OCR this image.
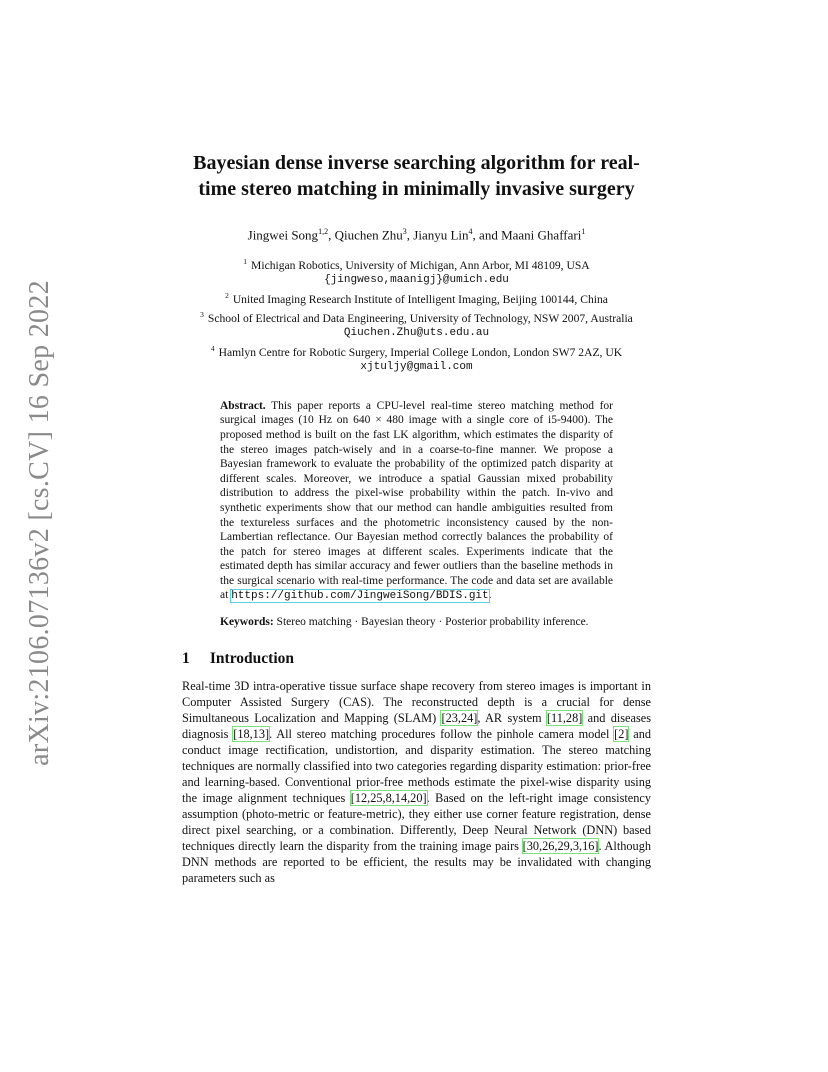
arXiv:2106.07136v2 [cs.CV] 16 Sep 2022
Bayesian dense inverse searching algorithm for real-time stereo matching in minimally invasive surgery
Jingwei Song$^{1,2}$, Qiuchen Zhu$^3$, Jianyu Lin$^4$, and Maani Ghaffari$^1$
$^1$ Michigan Robotics, University of Michigan, Ann Arbor, MI 48109, USA
{jingweso,maanigj}@umich.edu
$^2$ United Imaging Research Institute of Intelligent Imaging, Beijing 100144, China
$^3$ School of Electrical and Data Engineering, University of Technology, NSW 2007, Australia
Qiuchen.Zhu@uts.edu.au
$^4$ Hamlyn Centre for Robotic Surgery, Imperial College London, London SW7 2AZ, UK
xjtuljy@gmail.com
Abstract. This paper reports a CPU-level real-time stereo matching method for surgical images (10 Hz on 640 × 480 image with a single core of i5-9400). The proposed method is built on the fast LK algorithm, which estimates the disparity of the stereo images patch-wisely and in a coarse-to-fine manner. We propose a Bayesian framework to evaluate the probability of the optimized patch disparity at different scales. Moreover, we introduce a spatial Gaussian mixed probability distribution to address the pixel-wise probability within the patch. In-vivo and synthetic experiments show that our method can handle ambiguities resulted from the textureless surfaces and the photometric inconsistency caused by the non-Lambertian reflectance. Our Bayesian method correctly balances the probability of the patch for stereo images at different scales. Experiments indicate that the estimated depth has similar accuracy and fewer outliers than the baseline methods in the surgical scenario with real-time performance. The code and data set are available at https://github.com/JingweiSong/BDIS.git.
Keywords: Stereo matching · Bayesian theory · Posterior probability inference.
1 Introduction
Real-time 3D intra-operative tissue surface shape recovery from stereo images is important in Computer Assisted Surgery (CAS). The reconstructed depth is a crucial for dense Simultaneous Localization and Mapping (SLAM) [23,24], AR system [11,28] and diseases diagnosis [18,13]. All stereo matching procedures follow the pinhole camera model [2] and conduct image rectification, undistortion, and disparity estimation. The stereo matching techniques are normally classified into two categories regarding disparity estimation: prior-free and learning-based. Conventional prior-free methods estimate the pixel-wise disparity using the image alignment techniques [12,25,8,14,20]. Based on the left-right image consistency assumption (photo-metric or feature-metric), they either use corner feature registration, dense direct pixel searching, or a combination. Differently, Deep Neural Network (DNN) based techniques directly learn the disparity from the training image pairs [30,26,29,3,16]. Although DNN methods are reported to be efficient, the results may be invalidated with changing parameters such as
